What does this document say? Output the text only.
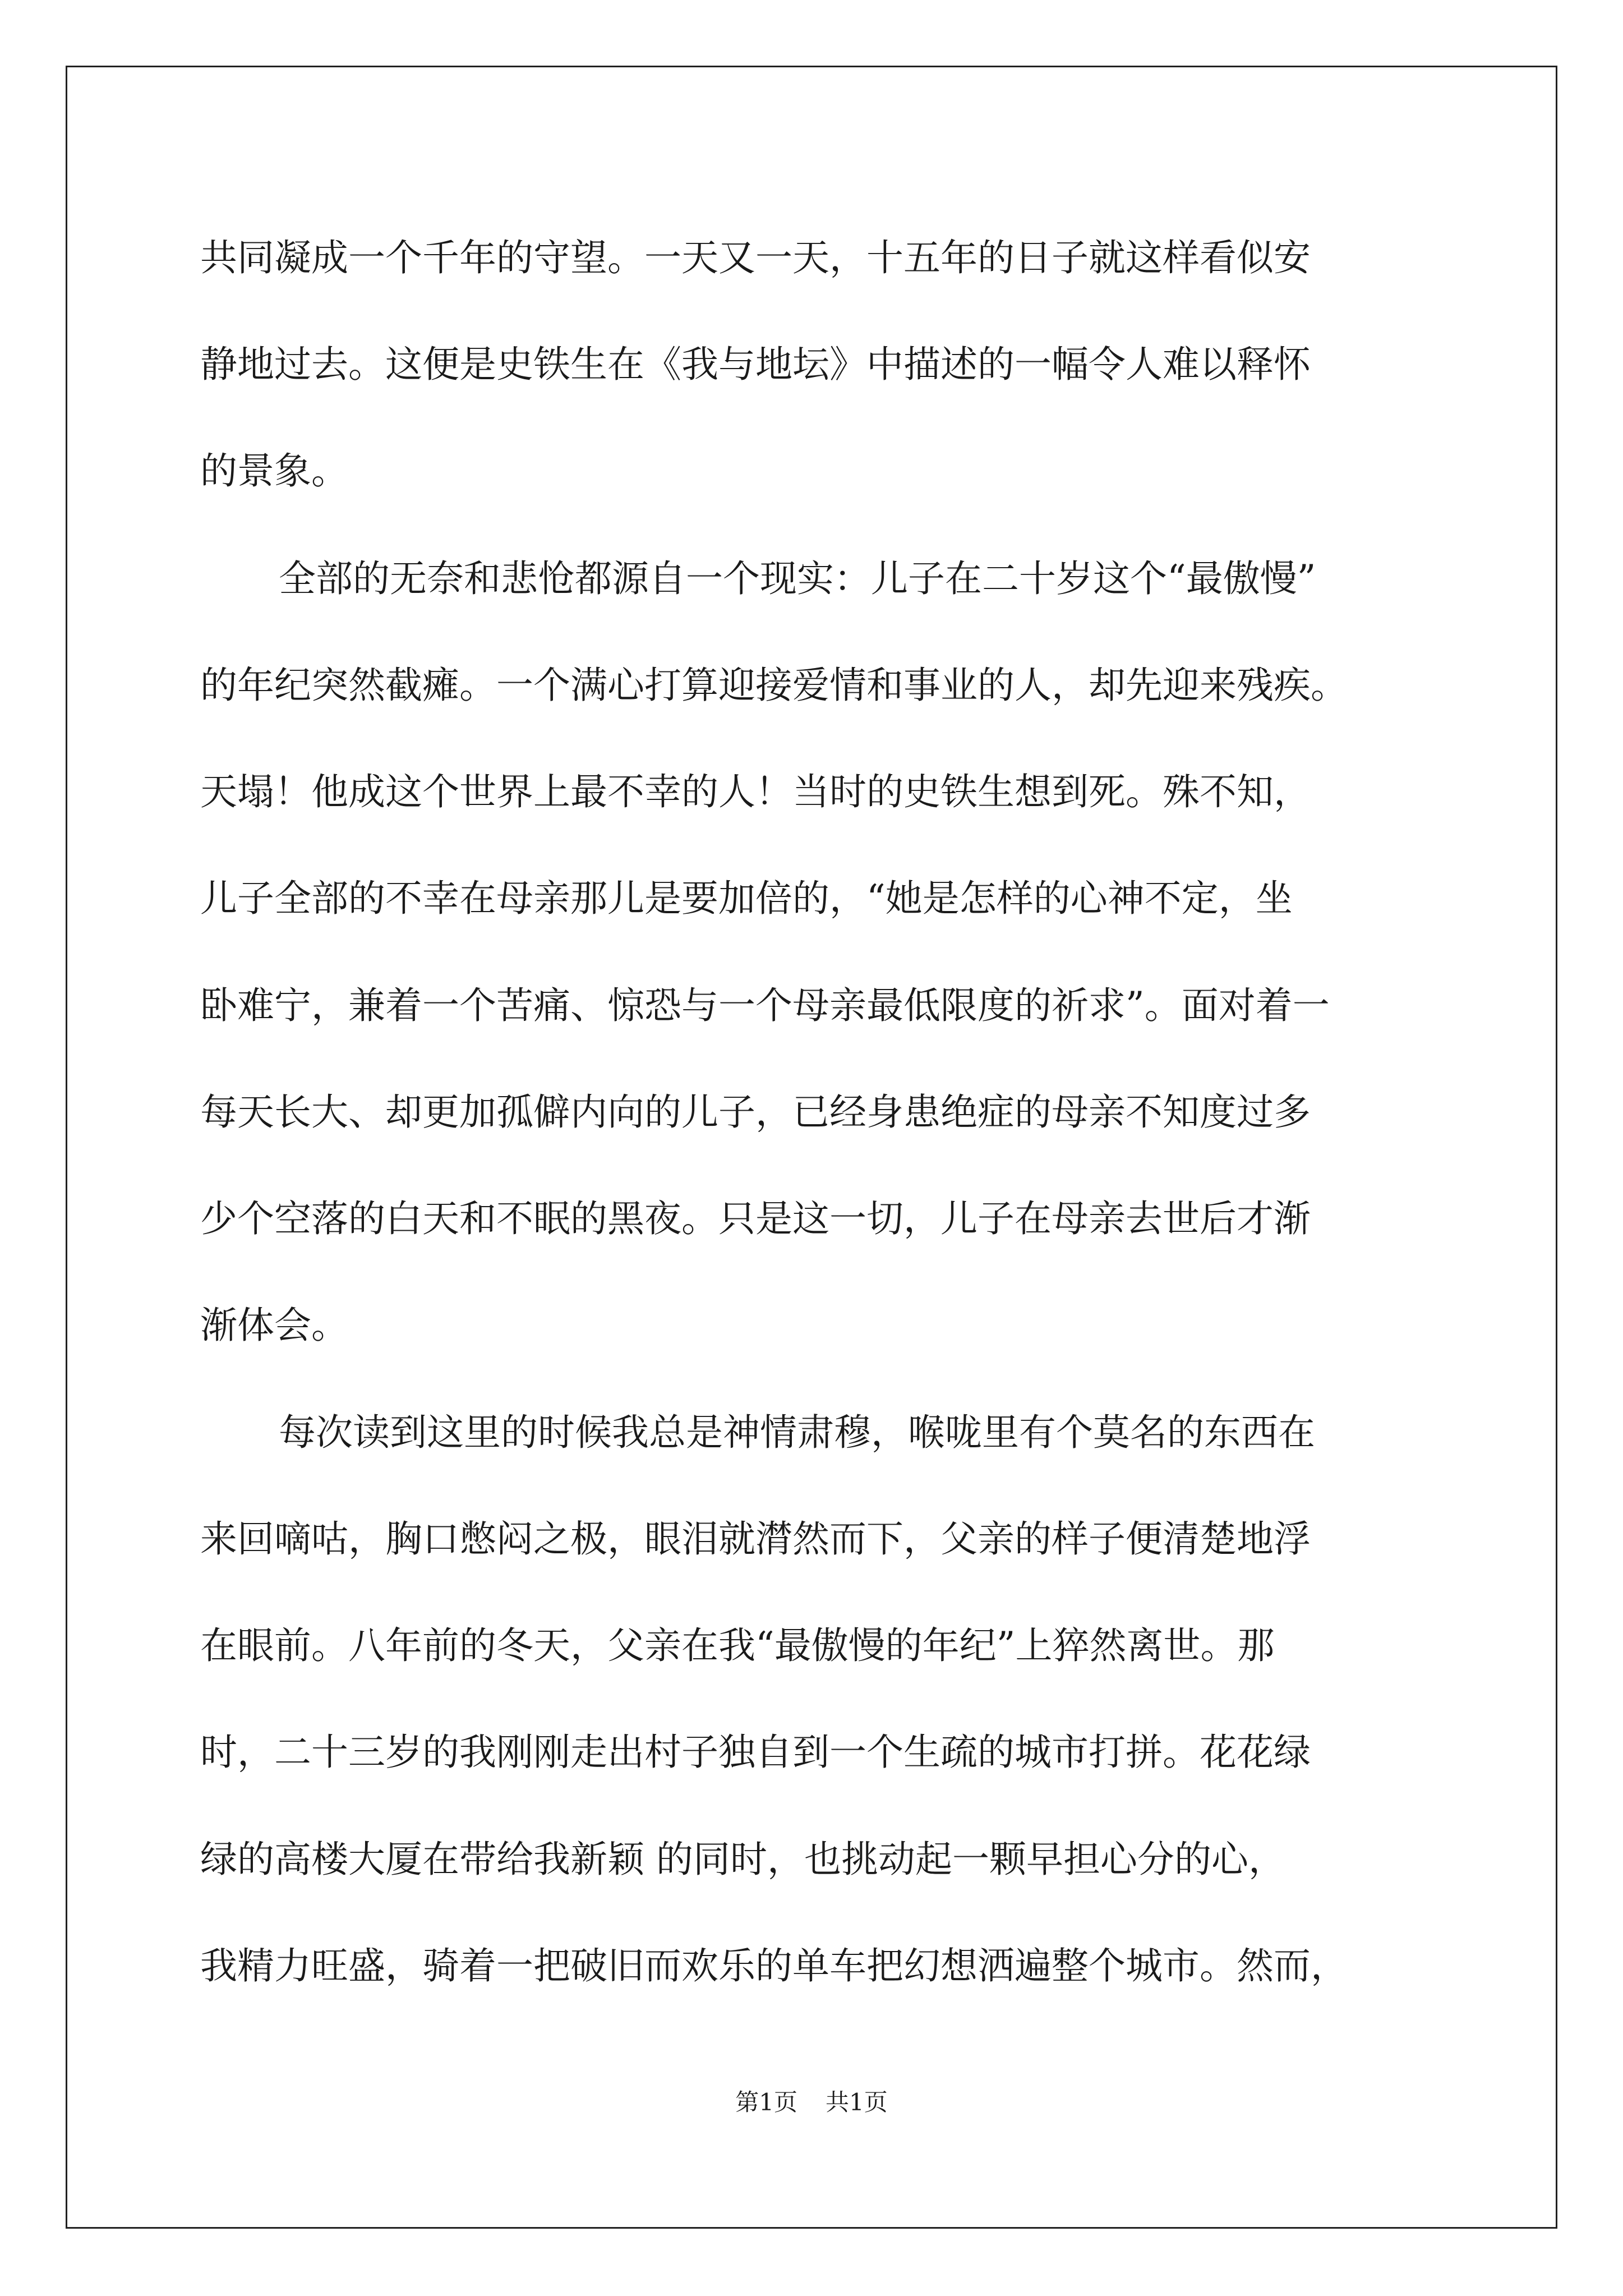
共同凝成一个千年的守望。一天又一天，十五年的日子就这样看似安
静地过去。这便是史铁生在《我与地坛》中描述的一幅令人难以释怀
的景象。
全部的无奈和悲怆都源自一个现实：儿子在二十岁这个“最傲慢”
的年纪突然截瘫。一个满心打算迎接爱情和事业的人，却先迎来残疾。
天塌！他成这个世界上最不幸的人！当时的史铁生想到死。殊不知，
儿子全部的不幸在母亲那儿是要加倍的，“她是怎样的心神不定，坐
卧难宁，兼着一个苦痛、惊恐与一个母亲最低限度的祈求”。面对着一
每天长大、却更加孤僻内向的儿子，已经身患绝症的母亲不知度过多
少个空落的白天和不眠的黑夜。只是这一切，儿子在母亲去世后才渐
渐体会。
每次读到这里的时候我总是神情肃穆，喉咙里有个莫名的东西在
来回嘀咕，胸口憋闷之极，眼泪就潸然而下，父亲的样子便清楚地浮
在眼前。八年前的冬天，父亲在我“最傲慢的年纪”上猝然离世。那
时，二十三岁的我刚刚走出村子独自到一个生疏的城市打拼。花花绿
绿的高楼大厦在带给我新颖 的同时，也挑动起一颗早担心分的心，
我精力旺盛，骑着一把破旧而欢乐的单车把幻想洒遍整个城市。然而，
第1页 共1页
